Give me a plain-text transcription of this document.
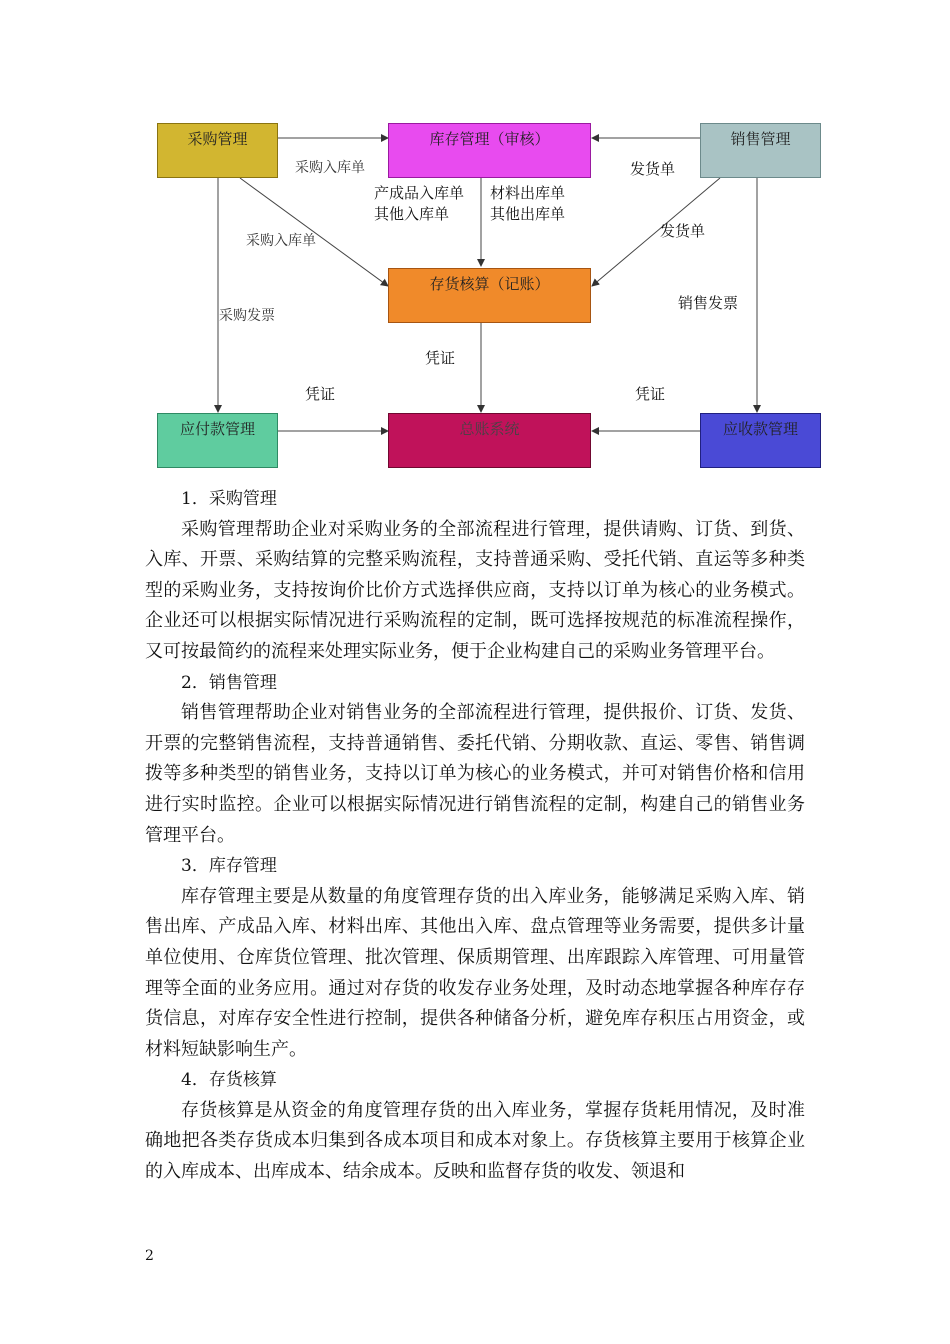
采购管理	库存管理（审核）	销售管理
存货核算（记账）
应付款管理	总账系统	应收款管理
采购入库单
采购入库单
采购发票
产成品入库单
其他入库单
材料出库单
其他出库单
发货单
发货单
销售发票
凭证
凭证	凭证
1．采购管理
采购管理帮助企业对采购业务的全部流程进行管理，提供请购、订货、到货、入库、开票、采购结算的完整采购流程，支持普通采购、受托代销、直运等多种类型的采购业务，支持按询价比价方式选择供应商，支持以订单为核心的业务模式。企业还可以根据实际情况进行采购流程的定制，既可选择按规范的标准流程操作，又可按最简约的流程来处理实际业务，便于企业构建自己的采购业务管理平台。
2．销售管理
销售管理帮助企业对销售业务的全部流程进行管理，提供报价、订货、发货、开票的完整销售流程，支持普通销售、委托代销、分期收款、直运、零售、销售调拨等多种类型的销售业务，支持以订单为核心的业务模式，并可对销售价格和信用进行实时监控。企业可以根据实际情况进行销售流程的定制，构建自己的销售业务管理平台。
3．库存管理
库存管理主要是从数量的角度管理存货的出入库业务，能够满足采购入库、销售出库、产成品入库、材料出库、其他出入库、盘点管理等业务需要，提供多计量单位使用、仓库货位管理、批次管理、保质期管理、出库跟踪入库管理、可用量管理等全面的业务应用。通过对存货的收发存业务处理，及时动态地掌握各种库存存货信息，对库存安全性进行控制，提供各种储备分析，避免库存积压占用资金，或材料短缺影响生产。
4．存货核算
存货核算是从资金的角度管理存货的出入库业务，掌握存货耗用情况，及时准确地把各类存货成本归集到各成本项目和成本对象上。存货核算主要用于核算企业的入库成本、出库成本、结余成本。反映和监督存货的收发、领退和
2
